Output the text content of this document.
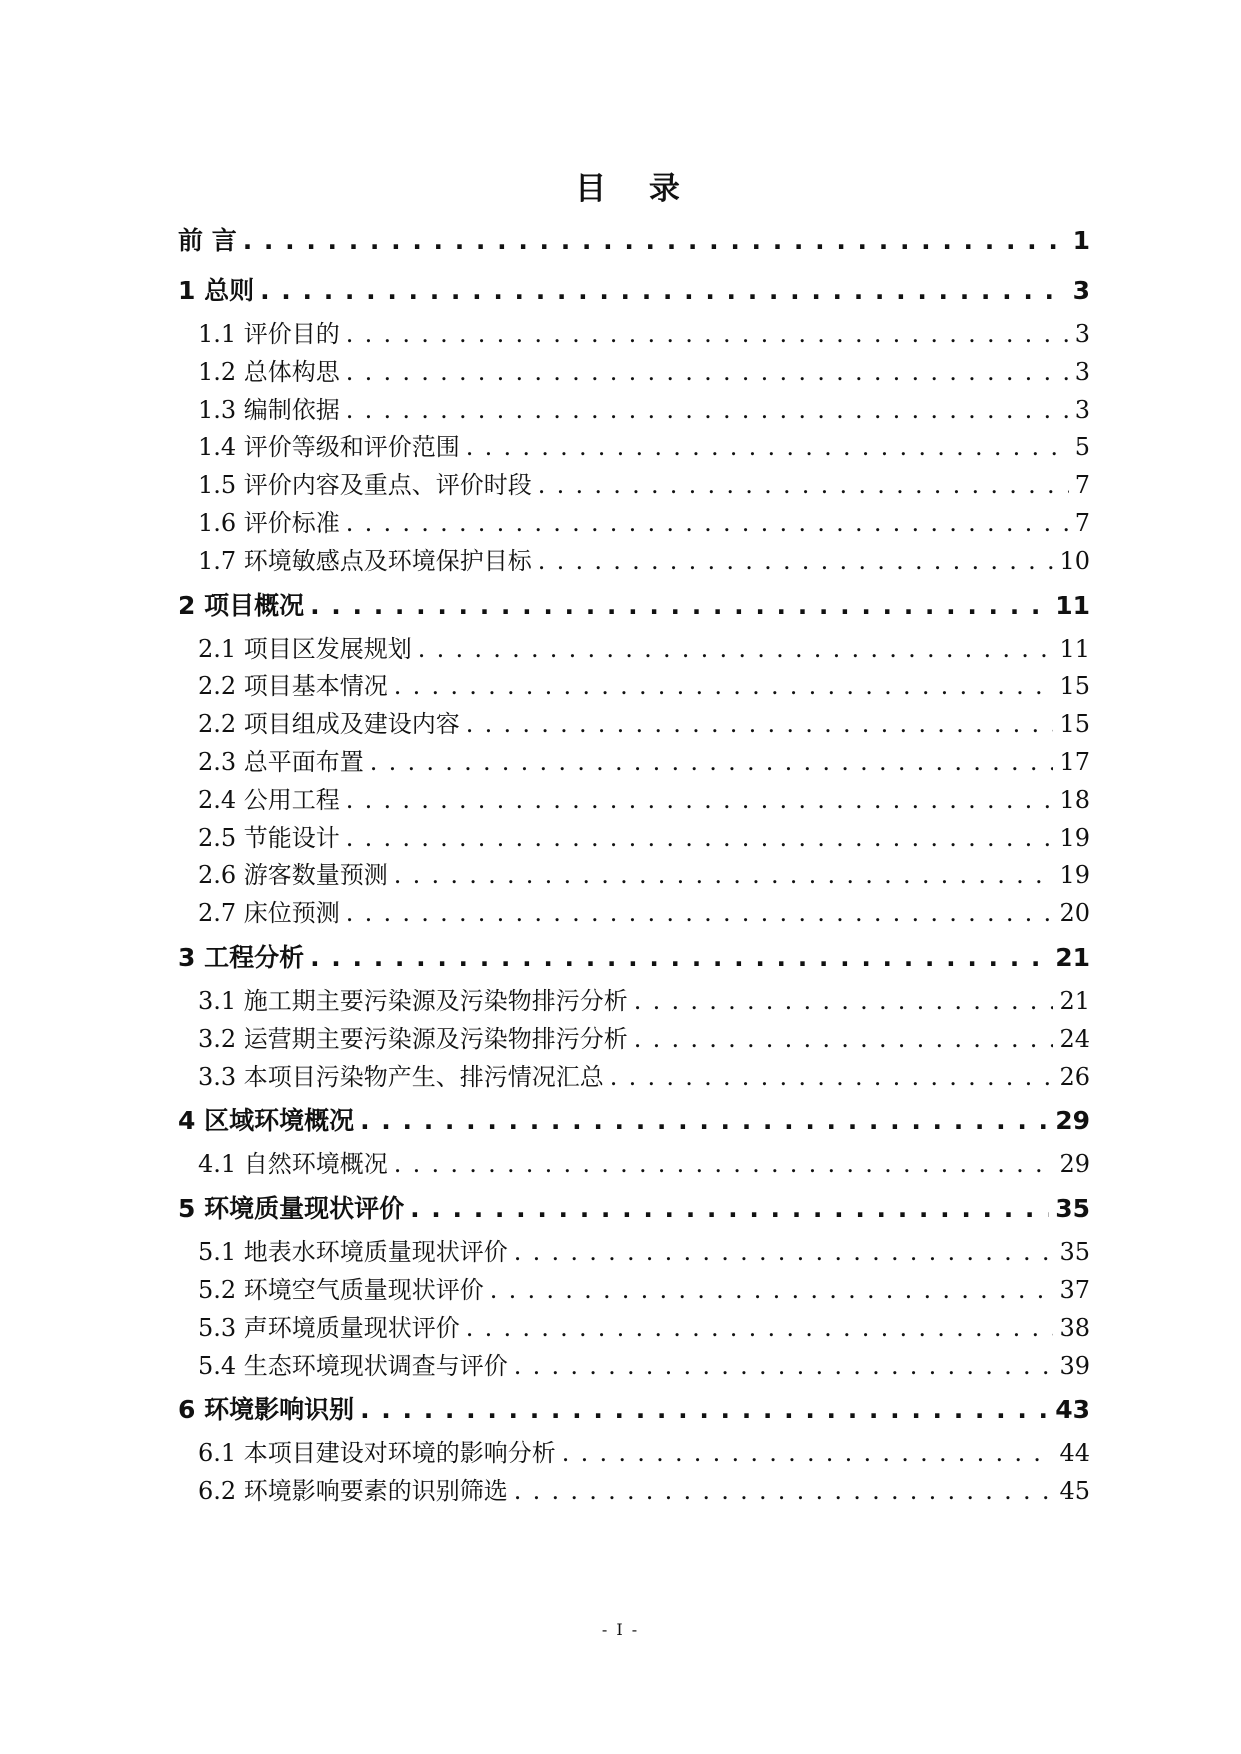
目 录
前 言 . . .	1
1 总则 . . .	3
1.1 评价目的 . . .	3
1.2 总体构思 . . .	3
1.3 编制依据 . . .	3
1.4 评价等级和评价范围 . . .	5
1.5 评价内容及重点、评价时段 . . .	7
1.6 评价标准 . . .	7
1.7 环境敏感点及环境保护目标 . . .	10
2 项目概况 . . .	11
2.1 项目区发展规划 . . .	11
2.2 项目基本情况 . . .	15
2.2 项目组成及建设内容 . . .	15
2.3 总平面布置 . . .	17
2.4 公用工程 . . .	18
2.5 节能设计 . . .	19
2.6 游客数量预测 . . .	19
2.7 床位预测 . . .	20
3 工程分析 . . .	21
3.1 施工期主要污染源及污染物排污分析 . . .	21
3.2 运营期主要污染源及污染物排污分析 . . .	24
3.3 本项目污染物产生、排污情况汇总 . . .	26
4 区域环境概况 . . .	29
4.1 自然环境概况 . . .	29
5 环境质量现状评价 . . .	35
5.1 地表水环境质量现状评价 . . .	35
5.2 环境空气质量现状评价 . . .	37
5.3 声环境质量现状评价 . . .	38
5.4 生态环境现状调查与评价 . . .	39
6 环境影响识别 . . .	43
6.1 本项目建设对环境的影响分析 . . .	44
6.2 环境影响要素的识别筛选 . . .	45
- I -
